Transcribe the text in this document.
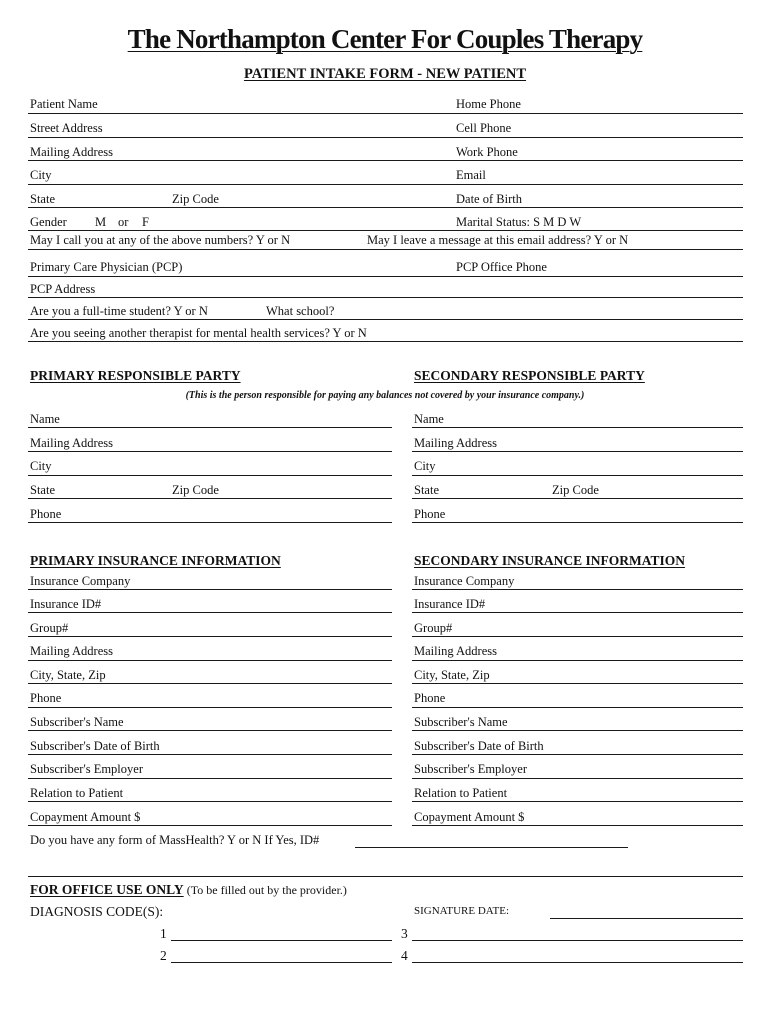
The Northampton Center For Couples Therapy
PATIENT INTAKE FORM - NEW PATIENT
Patient Name	Home Phone
Street Address	Cell Phone
Mailing Address	Work Phone
City	Email
State	Zip Code	Date of Birth
Gender M or F	Marital Status: S M D W
May I call you at any of the above numbers? Y or N	May I leave a message at this email address? Y or N
Primary Care Physician (PCP)	PCP Office Phone
PCP Address
Are you a full-time student? Y or N	What school?
Are you seeing another therapist for mental health services? Y or N
PRIMARY RESPONSIBLE PARTY	SECONDARY RESPONSIBLE PARTY
(This is the person responsible for paying any balances not covered by your insurance company.)
Name	Name
Mailing Address	Mailing Address
City	City
State	Zip Code	State	Zip Code
Phone	Phone
PRIMARY INSURANCE INFORMATION	SECONDARY INSURANCE INFORMATION
Insurance Company	Insurance Company
Insurance ID#	Insurance ID#
Group#	Group#
Mailing Address	Mailing Address
City, State, Zip	City, State, Zip
Phone	Phone
Subscriber's Name	Subscriber's Name
Subscriber's Date of Birth	Subscriber's Date of Birth
Subscriber's Employer	Subscriber's Employer
Relation to Patient	Relation to Patient
Copayment Amount $	Copayment Amount $
Do you have any form of MassHealth? Y or N If Yes, ID#
FOR OFFICE USE ONLY (To be filled out by the provider.)
DIAGNOSIS CODE(S):	SIGNATURE DATE:
1	3
2	4
